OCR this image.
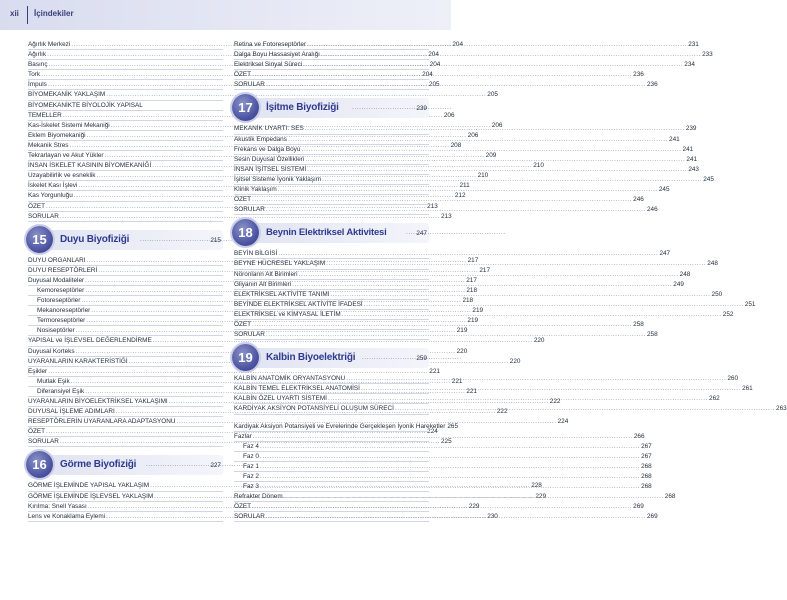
xii İçindekiler
Ağırlık Merkezi .....	204
Ağırlık .....	204
Basınç .....	204
Tork .....	204
İmpuls .....	205
BİYOMEKANİK YAKLAŞIM .....	205
BİYOMEKANİKTE BİYOLOJİK YAPISAL
TEMELLER .....	206
Kas-İskelet Sistemi Mekaniği .....	206
Eklem Biyomekaniği .....	206
Mekanik Stres .....	208
Tekrarlayan ve Akut Yükler .....	209
İNSAN İSKELET KASININ BİYOMEKANİĞİ .....	210
Uzayabilirlik ve esneklik .....	210
İskelet Kası İşlevi .....	211
Kas Yorgunluğu .....	212
ÖZET .....	213
SORULAR .....	213
15	Duyu Biyofiziği .....	215
DUYU ORGANLARI .....	217
DUYU RESEPTÖRLERİ .....	217
Duyusal Modaliteler .....	217
Kemoreseptörler .....	218
Fotoreseptörler .....	218
Mekanoreseptörler .....	219
Termoreseptörler .....	219
Nosiseptörler .....	219
YAPISAL ve İŞLEVSEL DEĞERLENDİRME .....	220
Duyusal Korteks .....	220
UYARANLARIN KARAKTERİSTİĞİ .....	220
Eşikler .....	221
Mutlak Eşik .....	221
Diferansiyel Eşik .....	221
UYARANLARIN BİYOELEKTRİKSEL YAKLAŞIMI .....	222
DUYUSAL İŞLEME ADIMLARI .....	222
RESEPTÖRLERİN UYARANLARA ADAPTASYONU .....	224
ÖZET .....	224
SORULAR .....	225
16	Görme Biyofiziği .....	227
GÖRME İŞLEMİNDE YAPISAL YAKLAŞIM .....	228
GÖRME İŞLEMİNDE İŞLEVSEL YAKLAŞIM .....	229
Kırılma: Snell Yasası .....	229
Lens ve Konaklama Eylemi .....	230
Retina ve Fotoreseptörler .....	231
Dalga Boyu Hassasiyet Aralığı .....	233
Elektriksel Sinyal Süreci .....	234
ÖZET .....	236
SORULAR .....	236
17	İşitme Biyofiziği .....	239
MEKANİK UYARTI: SES .....	239
Akustik Empedans .....	241
Frekans ve Dalga Boyu .....	241
Sesin Duyusal Özellikleri .....	241
İNSAN İŞİTSEL SİSTEMİ .....	243
İşitsel Sisteme İyonik Yaklaşım .....	245
Klinik Yaklaşım .....	245
ÖZET .....	246
SORULAR .....	246
18	Beynin Elektriksel Aktivitesi .....	247
BEYİN BİLGİSİ .....	247
BEYNE HÜCRESEL YAKLAŞIM .....	248
Nöronların Alt Birimleri .....	248
Gliyanın Alt Birimleri .....	249
ELEKTRİKSEL AKTİVİTE TANIMI .....	250
BEYİNDE ELEKTRİKSEL AKTİVİTE İFADESİ .....	251
ELEKTRİKSEL ve KİMYASAL İLETİM .....	252
ÖZET .....	258
SORULAR .....	258
19	Kalbin Biyoelektriği .....	259
KALBİN ANATOMİK ORYANTASYONU .....	260
KALBİN TEMEL ELEKTRİKSEL ANATOMİSİ .....	261
KALBİN ÖZEL UYARTI SİSTEMİ .....	262
KARDİYAK AKSİYON POTANSİYELİ OLUŞUM SÜRECİ .....	263
Kardiyak Aksiyon Potansiyeli ve Evrelerinde Gerçekleşen İyonik Hareketler 265
Fazlar .....	266
Faz 4 .....	267
Faz 0 .....	267
Faz 1 .....	268
Faz 2 .....	268
Faz 3 .....	268
Refrakter Dönem .....	268
ÖZET .....	269
SORULAR .....	269
